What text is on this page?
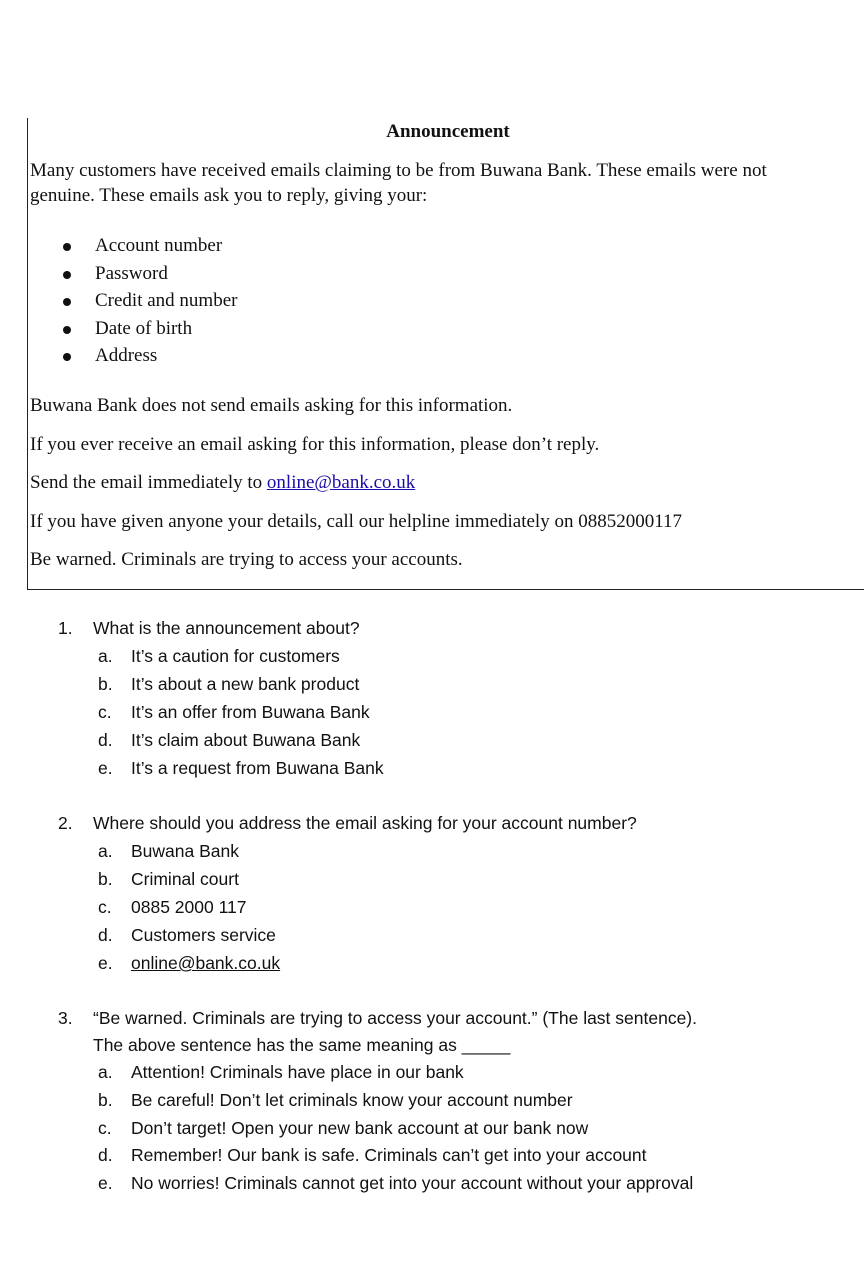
Announcement
Many customers have received emails claiming to be from Buwana Bank. These emails were not genuine. These emails ask you to reply, giving your:
Account number
Password
Credit and number
Date of birth
Address
Buwana Bank does not send emails asking for this information.
If you ever receive an email asking for this information, please don’t reply.
Send the email immediately to online@bank.co.uk
If you have given anyone your details, call our helpline immediately on 08852000117
Be warned. Criminals are trying to access your accounts.
1. What is the announcement about?
a. It’s a caution for customers
b. It’s about a new bank product
c. It’s an offer from Buwana Bank
d. It’s claim about Buwana Bank
e. It’s a request from Buwana Bank
2. Where should you address the email asking for your account number?
a. Buwana Bank
b. Criminal court
c. 0885 2000 117
d. Customers service
e. online@bank.co.uk
3. “Be warned. Criminals are trying to access your account.” (The last sentence).
The above sentence has the same meaning as _____
a. Attention! Criminals have place in our bank
b. Be careful! Don’t let criminals know your account number
c. Don’t target! Open your new bank account at our bank now
d. Remember! Our bank is safe. Criminals can’t get into your account
e. No worries! Criminals cannot get into your account without your approval
